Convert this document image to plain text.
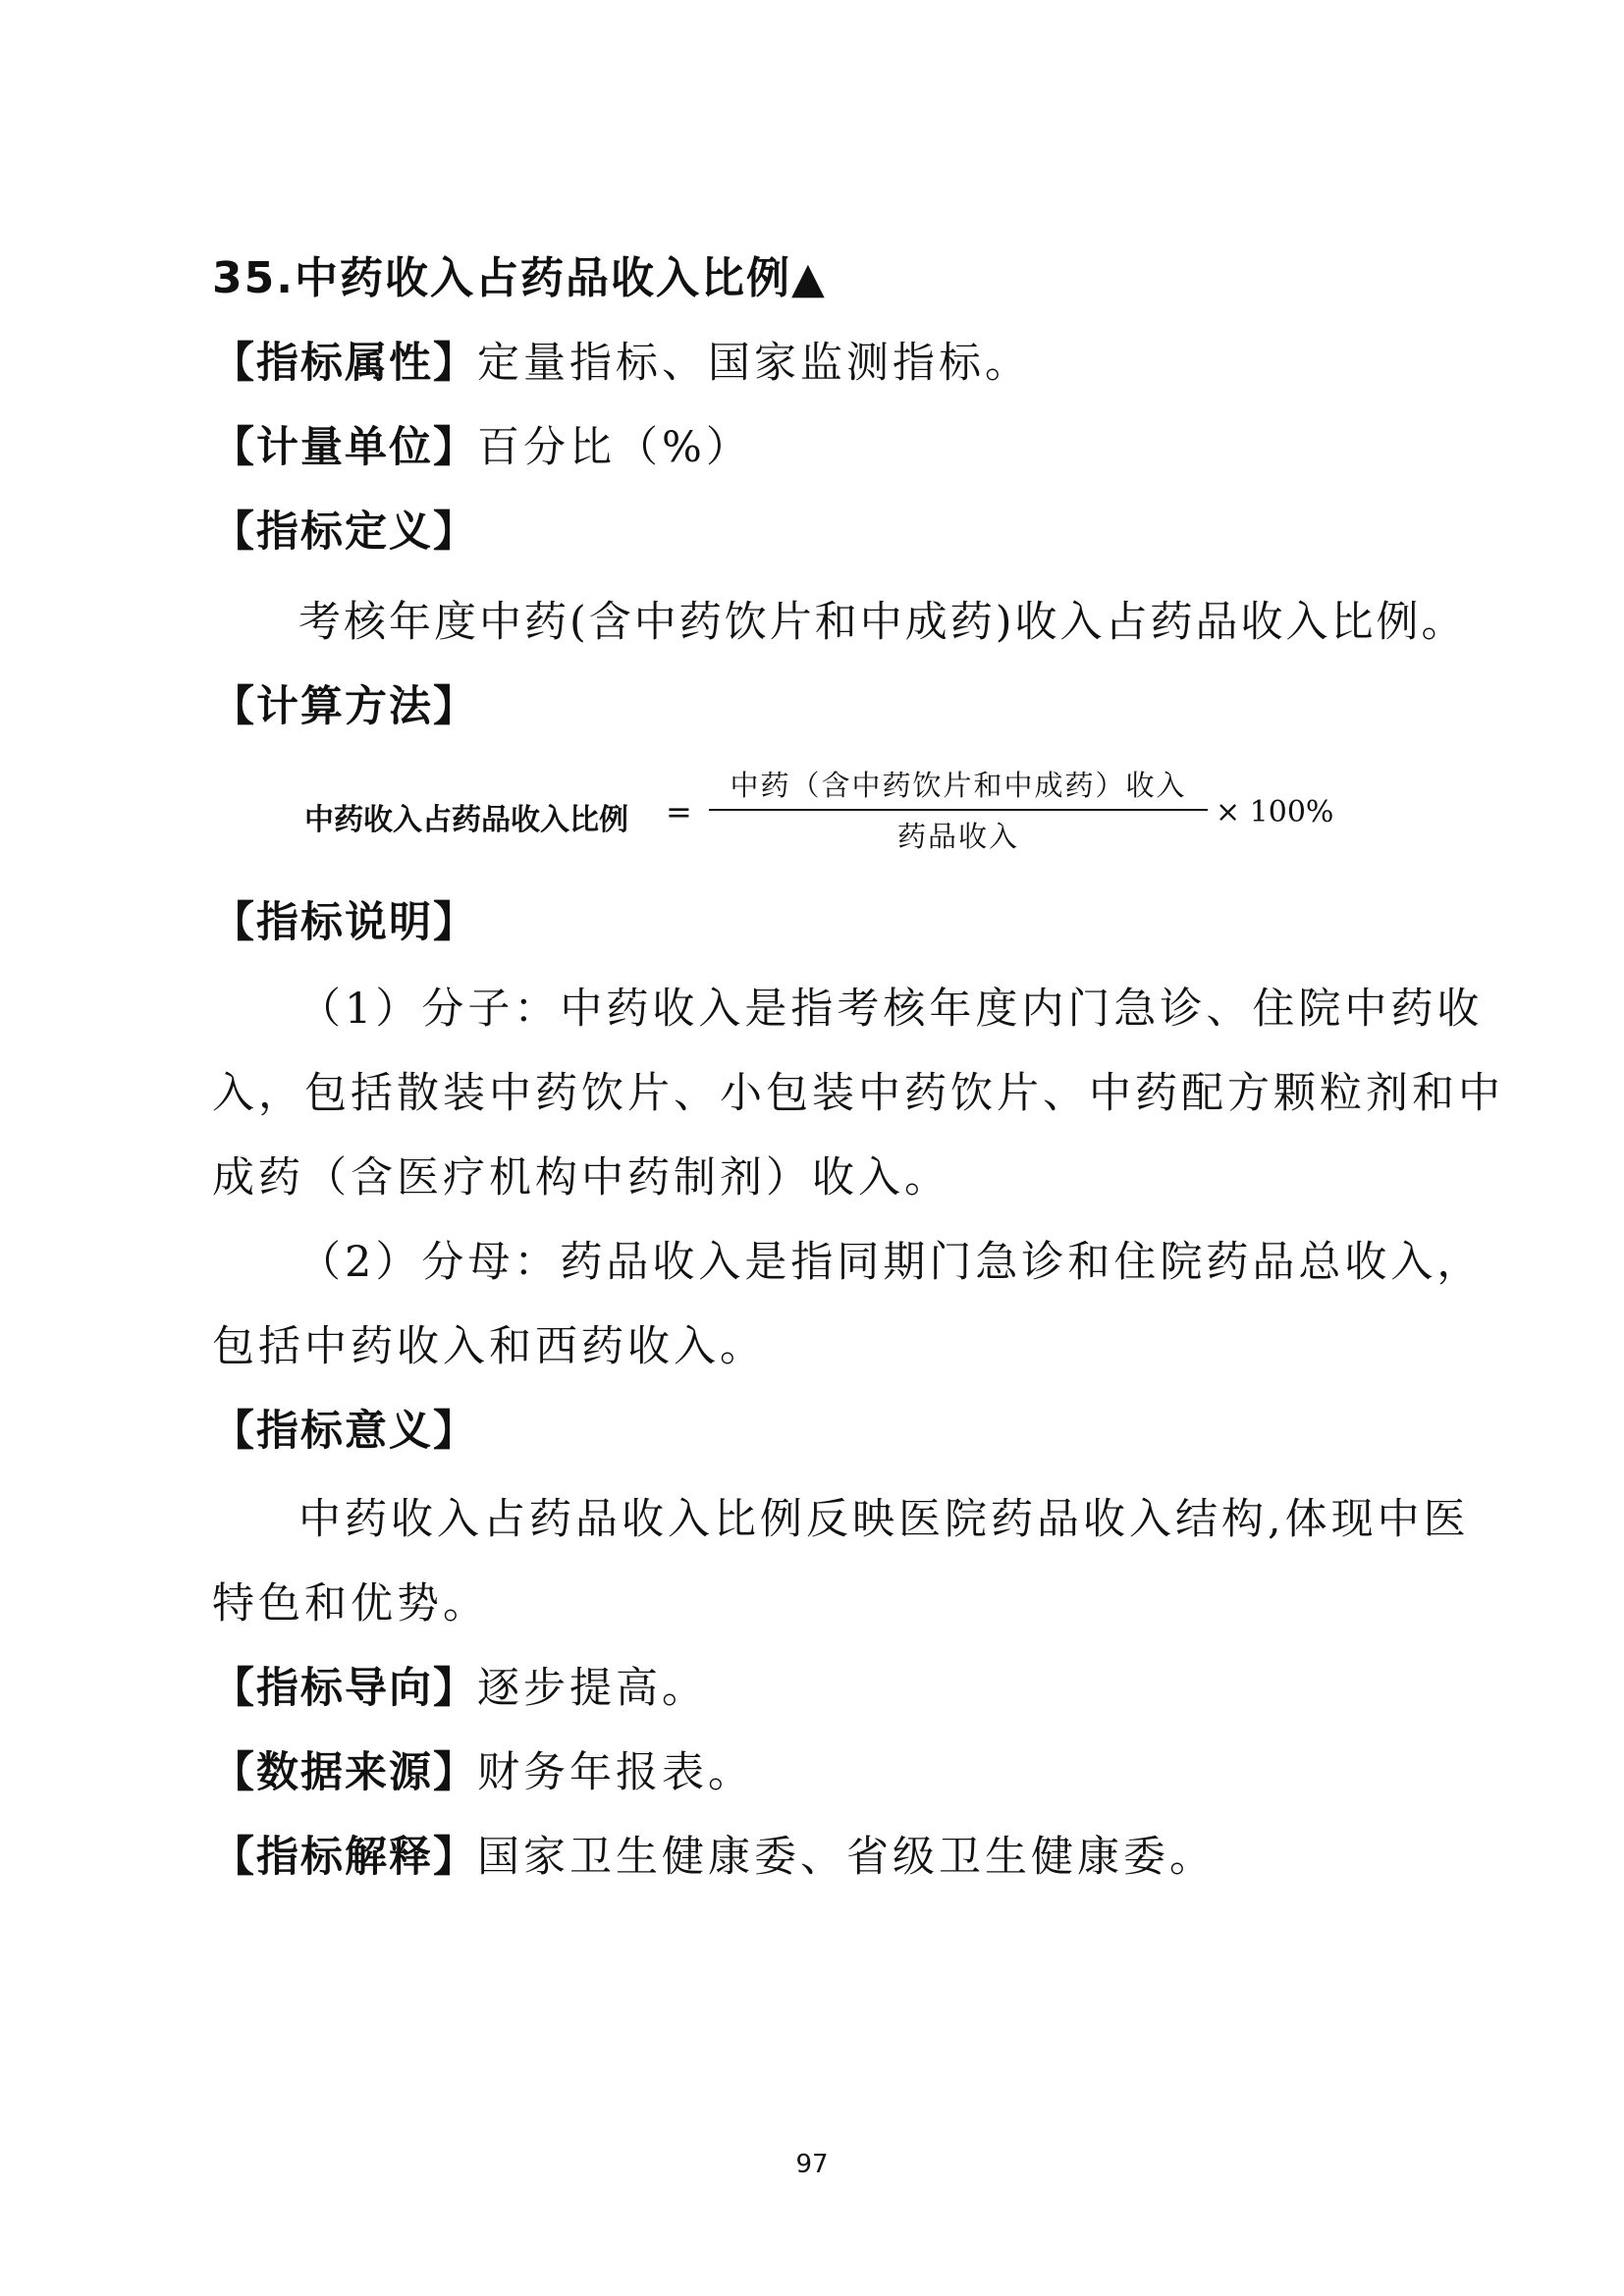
35.中药收入占药品收入比例▲
【指标属性】定量指标、国家监测指标。
【计量单位】百分比（%）
【指标定义】
考核年度中药(含中药饮片和中成药)收入占药品收入比例。
【计算方法】
中药收入占药品收入比例 =
中药（含中药饮片和中成药）收入
药品收入
× 100%
【指标说明】
（1）分子：中药收入是指考核年度内门急诊、住院中药收
入，包括散装中药饮片、小包装中药饮片、中药配方颗粒剂和中
成药（含医疗机构中药制剂）收入。
（2）分母：药品收入是指同期门急诊和住院药品总收入，
包括中药收入和西药收入。
【指标意义】
中药收入占药品收入比例反映医院药品收入结构,体现中医
特色和优势。
【指标导向】逐步提高。
【数据来源】财务年报表。
【指标解释】国家卫生健康委、省级卫生健康委。
97
